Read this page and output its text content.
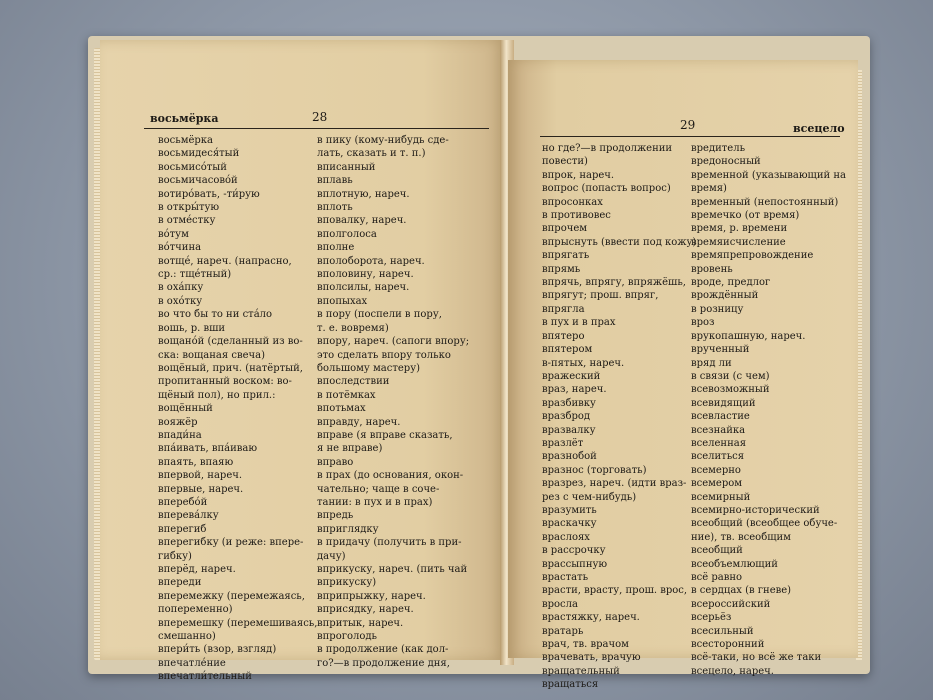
восьмёрка	28
восьмёрка
восьмидеся́тый
восьмисо́тый
восьмичасово́й
вотиро́вать, -ти́рую
в откры́тую
в отме́стку
во́тум
во́тчина
вотще́, нареч. (напрасно,
ср.: тще́тный)
в оха́пку
в охо́тку
во что бы то ни ста́ло
вошь, р. вши
вощано́й (сделанный из во-
ска: вощаная свеча)
вощёный, прич. (натёртый,
пропитанный воском: во-
щёный пол), но прил.:
вощённый
вояжёр
впади́на
впа́ивать, впа́иваю
впаять, впаяю
впервой, нареч.
впервые, нареч.
вперебо́й
вперева́лку
вперегиб
вперегибку (и реже: впере-
гибку)
вперёд, нареч.
впереди
вперемежку (перемежаясь,
попеременно)
вперемешку (перемешиваясь,
смешанно)
впери́ть (взор, взгляд)
впечатле́ние
впечатли́тельный
в пику (кому-нибудь сде-
лать, сказать и т. п.)
вписанный
вплавь
вплотную, нареч.
вплоть
вповалку, нареч.
вполголоса
вполне
вполоборота, нареч.
вполовину, нареч.
вполсилы, нареч.
впопыхах
в пору (поспели в пору,
т. е. вовремя)
впору, нареч. (сапоги впору;
это сделать впору только
большому мастеру)
впоследствии
в потёмках
впотьмах
вправду, нареч.
вправе (я вправе сказать,
я не вправе)
вправо
в прах (до основания, окон-
чательно; чаще в соче-
тании: в пух и в прах)
впредь
вприглядку
в придачу (получить в при-
дачу)
вприкуску, нареч. (пить чай
вприкуску)
вприпрыжку, нареч.
вприсядку, нареч.
впритык, нареч.
впроголодь
в продолжение (как дол-
го?—в продолжение дня,
29	всецело
но где?—в продолжении
повести)
впрок, нареч.
вопрос (попасть вопрос)
впросонках
в противовес
впрочем
впрыснуть (ввести под кожу)
впрягать
впрямь
впрячь, впрягу, впряжёшь,
впрягут; прош. впряг,
впрягла
в пух и в прах
впятеро
впятером
в-пятых, нареч.
вражеский
враз, нареч.
вразбивку
вразброд
вразвалку
вразлёт
вразнобой
вразнос (торговать)
вразрез, нареч. (идти враз-
рез с чем-нибудь)
вразумить
враскачку
враслоях
в рассрочку
врассыпную
врастать
врасти, врасту, прош. врос,
вросла
врастяжку, нареч.
вратарь
врач, тв. врачом
врачевать, врачую
вращательный
вращаться
вредитель
вредоносный
временной (указывающий на
время)
временный (непостоянный)
времечко (от время)
время, р. времени
времяисчисление
времяпрепровождение
вровень
вроде, предлог
врождённый
в розницу
вроз
врукопашную, нареч.
врученный
вряд ли
в связи (с чем)
всевозможный
всевидящий
всевластие
всезнайка
вселенная
вселиться
всемерно
всемером
всемирный
всемирно-исторический
всеобщий (всеобщее обуче-
ние), тв. всеобщим
всеобщий
всеобъемлющий
всё равно
в сердцах (в гневе)
всероссийский
всерьёз
всесильный
всесторонний
всё-таки, но всё же таки
всецело, нареч.
